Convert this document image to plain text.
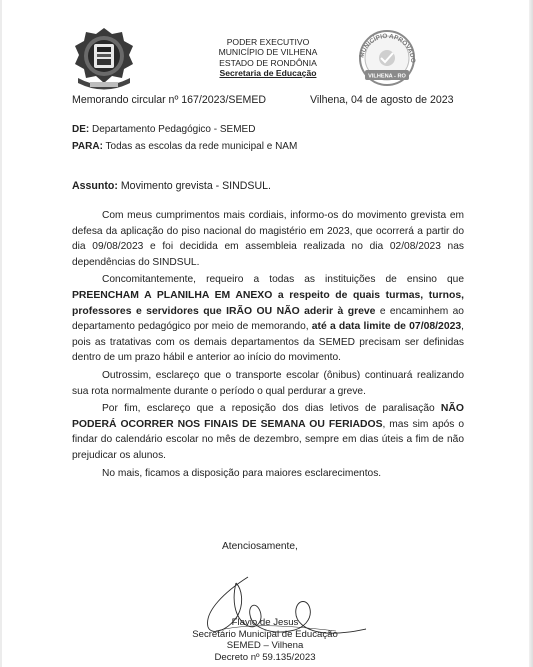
PODER EXECUTIVO
MUNICÍPIO DE VILHENA
ESTADO DE RONDÔNIA
Secretaria de Educação
MUNICÍPIO APROVADO
VILHENA - RO
Memorando circular nº 167/2023/SEMED	Vilhena, 04 de agosto de 2023
DE: Departamento Pedagógico - SEMED
PARA: Todas as escolas da rede municipal e NAM
Assunto: Movimento grevista - SINDSUL.

Com meus cumprimentos mais cordiais, informo-os do movimento grevista em defesa da aplicação do piso nacional do magistério em 2023, que ocorrerá a partir do dia 09/08/2023 e foi decidida em assembleia realizada no dia 02/08/2023 nas dependências do SINDSUL.

Concomitantemente, requeiro a todas as instituições de ensino que PREENCHAM A PLANILHA EM ANEXO a respeito de quais turmas, turnos, professores e servidores que IRÃO OU NÃO aderir à greve e encaminhem ao departamento pedagógico por meio de memorando, até a data limite de 07/08/2023, pois as tratativas com os demais departamentos da SEMED precisam ser definidas dentro de um prazo hábil e anterior ao início do movimento.

Outrossim, esclareço que o transporte escolar (ônibus) continuará realizando sua rota normalmente durante o período o qual perdurar a greve.

Por fim, esclareço que a reposição dos dias letivos de paralisação NÃO PODERÁ OCORRER NOS FINAIS DE SEMANA OU FERIADOS, mas sim após o findar do calendário escolar no mês de dezembro, sempre em dias úteis a fim de não prejudicar os alunos.

No mais, ficamos a disposição para maiores esclarecimentos.

Atenciosamente,
Flavio de Jesus
Secretário Municipal de Educação
SEMED – Vilhena
Decreto nº 59.135/2023
